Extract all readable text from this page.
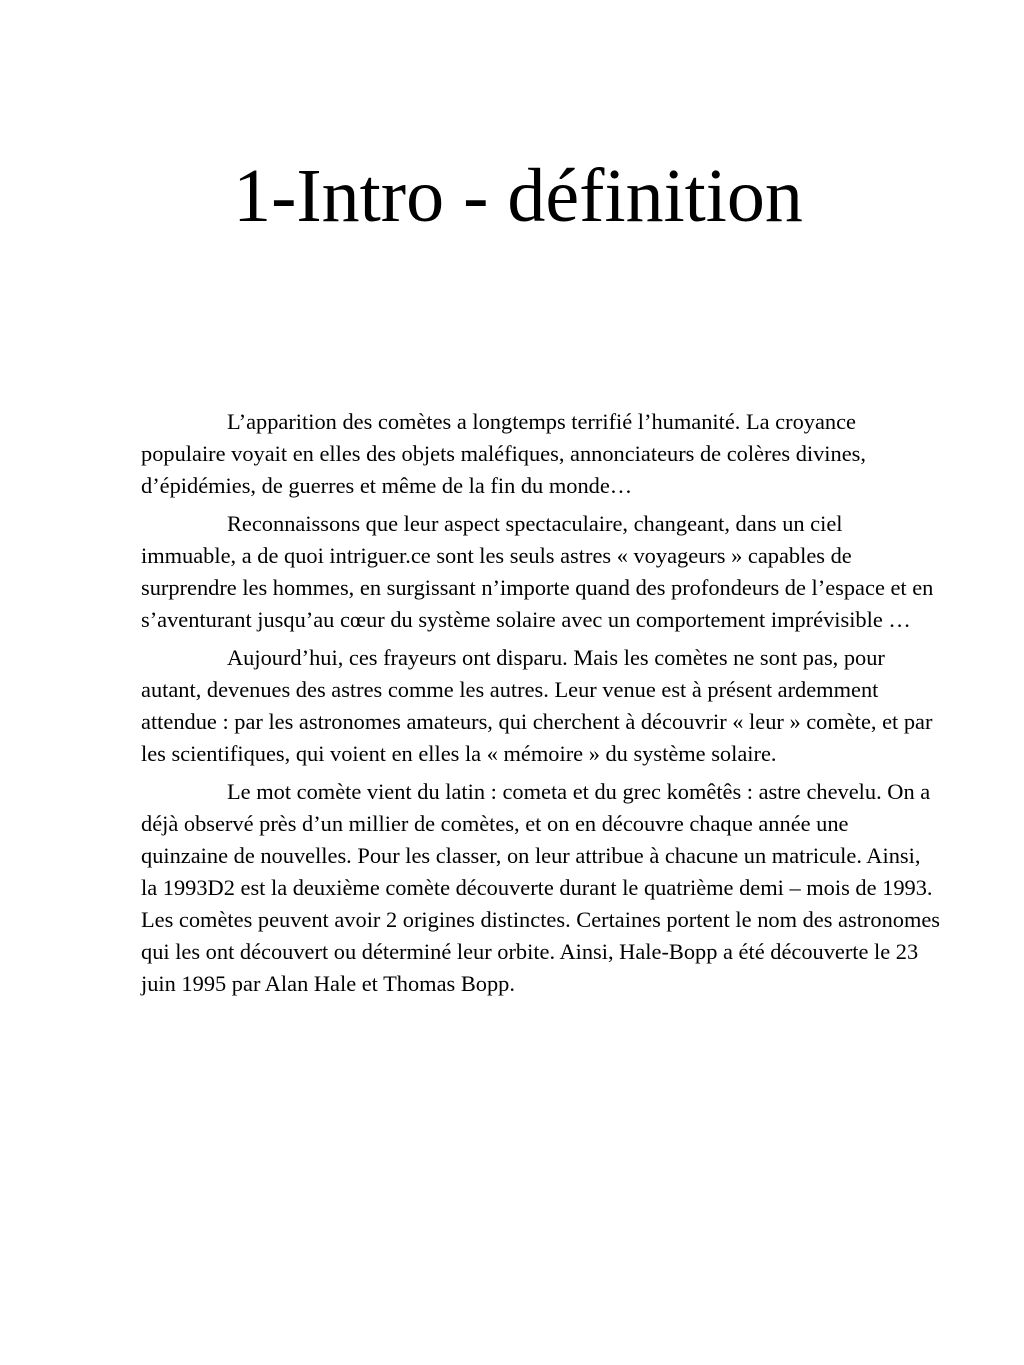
1-Intro - définition

L’apparition des comètes a longtemps terrifié l’humanité. La croyance populaire voyait en elles des objets maléfiques, annonciateurs de colères divines, d’épidémies, de guerres et même de la fin du monde…

Reconnaissons que leur aspect spectaculaire, changeant, dans un ciel immuable, a de quoi intriguer.ce sont les seuls astres « voyageurs » capables de surprendre les hommes, en surgissant n’importe quand des profondeurs de l’espace et en s’aventurant jusqu’au cœur du système solaire avec un comportement imprévisible …

Aujourd’hui, ces frayeurs ont disparu. Mais les comètes ne sont pas, pour autant, devenues des astres comme les autres. Leur venue est à présent ardemment attendue : par les astronomes amateurs, qui cherchent à découvrir « leur » comète, et par les scientifiques, qui voient en elles la « mémoire » du système solaire.

Le mot comète vient du latin : cometa et du grec komêtês : astre chevelu. On a déjà observé près d’un millier de comètes, et on en découvre chaque année une quinzaine de nouvelles. Pour les classer, on leur attribue à chacune un matricule. Ainsi, la 1993D2 est la deuxième comète découverte durant le quatrième demi – mois de 1993. Les comètes peuvent avoir 2 origines distinctes. Certaines portent le nom des astronomes qui les ont découvert ou déterminé leur orbite. Ainsi, Hale-Bopp a été découverte le 23 juin 1995 par Alan Hale et Thomas Bopp.
